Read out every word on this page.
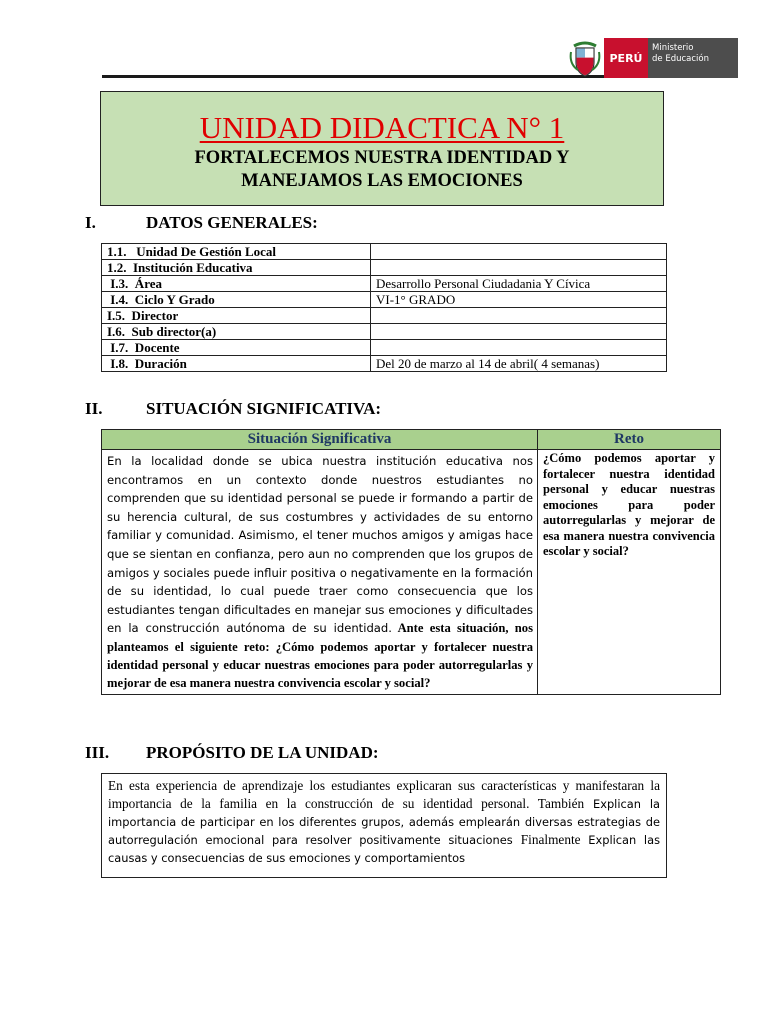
PERÚ
Ministerio
de Educación
UNIDAD DIDACTICA N° 1
FORTALECEMOS NUESTRA IDENTIDAD Y
MANEJAMOS LAS EMOCIONES
I.	DATOS GENERALES:
1.1.   Unidad De Gestión Local	
1.2.  Institución Educativa	
I.3.  Área	Desarrollo Personal Ciudadania Y Cívica
I.4.  Ciclo Y Grado	VI-1° GRADO
I.5.  Director	
I.6.  Sub director(a)	
I.7.  Docente	
I.8.  Duración	Del 20 de marzo al 14 de abril( 4 semanas)
II.	SITUACIÓN SIGNIFICATIVA:
Situación Significativa	Reto
En la localidad donde se ubica nuestra institución educativa nos encontramos en un contexto donde nuestros estudiantes no comprenden que su identidad personal se puede ir formando a partir de su herencia cultural, de sus costumbres y actividades de su entorno familiar y comunidad. Asimismo, el tener muchos amigos y amigas hace que se sientan en confianza, pero aun no comprenden que los grupos de amigos y sociales puede influir positiva o negativamente en la formación de su identidad, lo cual puede traer como consecuencia que los estudiantes tengan dificultades en manejar sus emociones y dificultades en la construcción autónoma de su identidad. Ante esta situación, nos planteamos el siguiente reto: ¿Cómo podemos aportar y fortalecer nuestra identidad personal y educar nuestras emociones para poder autorregularlas y mejorar de esa manera nuestra convivencia escolar y social?	¿Cómo podemos aportar y fortalecer nuestra identidad personal y educar nuestras emociones para poder autorregularlas y mejorar de esa manera nuestra convivencia escolar y social?
III. PROPÓSITO DE LA UNIDAD:
En esta experiencia de aprendizaje los estudiantes explicaran sus características y manifestaran la importancia de la familia en la construcción de su identidad personal. También Explican la importancia de participar en los diferentes grupos, además emplearán diversas estrategias de autorregulación emocional para resolver positivamente situaciones Finalmente Explican las causas y consecuencias de sus emociones y comportamientos
